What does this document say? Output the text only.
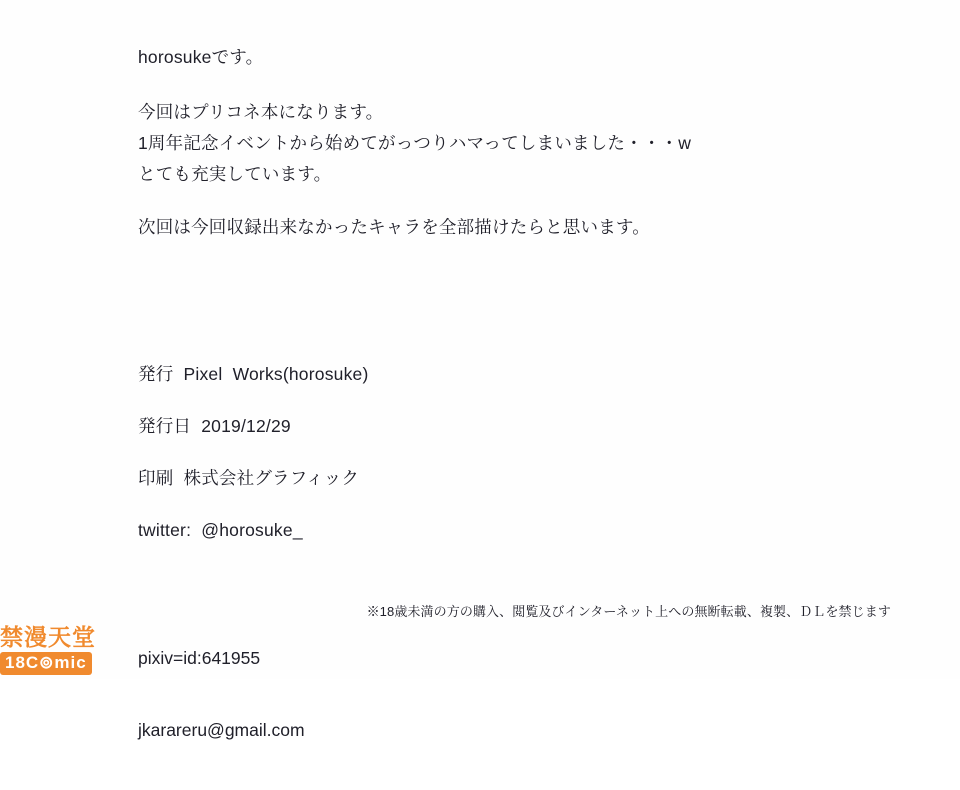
horosukeです。
今回はプリコネ本になります。
1周年記念イベントから始めてがっつりハマってしまいました・・・w
とても充実しています。
次回は今回収録出来なかったキャラを全部描けたらと思います。
発行  Pixel  Works(horosuke)
発行日  2019/12/29
印刷  株式会社グラフィック
twitter:  @horosuke_

pixiv=id:641955

jkarareru@gmail.com

※18歳未満の方の購入、閲覧及びインターネット上への無断転載、複製、ＤＬを禁じます
禁漫天堂
18C⊚mic
